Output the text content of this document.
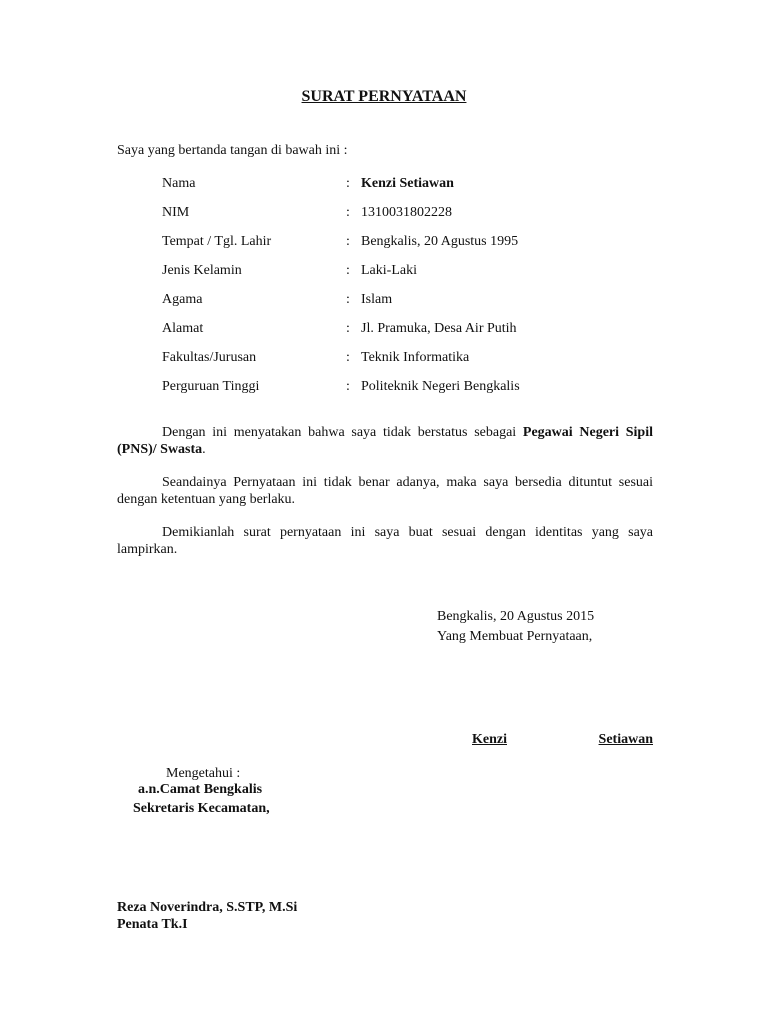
SURAT PERNYATAAN
Saya yang bertanda tangan di bawah ini :
Nama	: Kenzi Setiawan
NIM	: 1310031802228
Tempat / Tgl. Lahir	: Bengkalis, 20 Agustus 1995
Jenis Kelamin	: Laki-Laki
Agama	: Islam
Alamat	: Jl. Pramuka, Desa Air Putih
Fakultas/Jurusan	: Teknik Informatika
Perguruan Tinggi	: Politeknik Negeri Bengkalis
Dengan ini menyatakan bahwa saya tidak berstatus sebagai Pegawai Negeri Sipil (PNS)/ Swasta.
Seandainya Pernyataan ini tidak benar adanya, maka saya bersedia dituntut sesuai dengan ketentuan yang berlaku.
Demikianlah surat pernyataan ini saya buat sesuai dengan identitas yang saya lampirkan.
Bengkalis, 20 Agustus 2015
Yang Membuat Pernyataan,
Kenzi	Setiawan
Mengetahui :
a.n.Camat Bengkalis
Sekretaris Kecamatan,
Reza Noverindra, S.STP, M.Si
Penata Tk.I
